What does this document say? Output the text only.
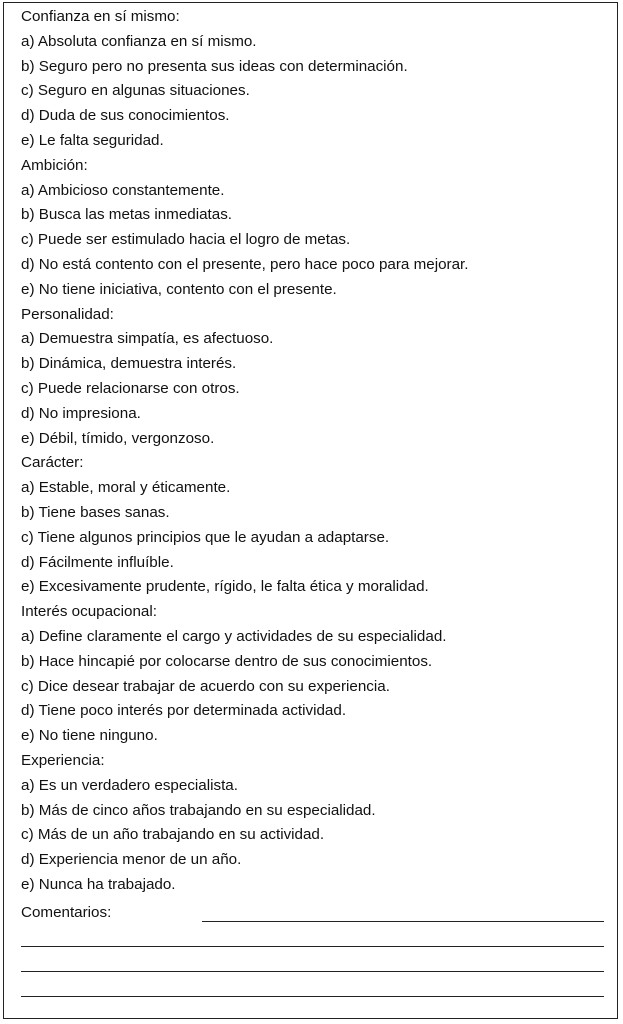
Confianza en sí mismo:
a) Absoluta confianza en sí mismo.
b) Seguro pero no presenta sus ideas con determinación.
c) Seguro en algunas situaciones.
d) Duda de sus conocimientos.
e) Le falta seguridad.
Ambición:
a) Ambicioso constantemente.
b) Busca las metas inmediatas.
c) Puede ser estimulado hacia el logro de metas.
d) No está contento con el presente, pero hace poco para mejorar.
e) No tiene iniciativa, contento con el presente.
Personalidad:
a) Demuestra simpatía, es afectuoso.
b) Dinámica, demuestra interés.
c) Puede relacionarse con otros.
d) No impresiona.
e) Débil, tímido, vergonzoso.
Carácter:
a) Estable, moral y éticamente.
b) Tiene bases sanas.
c) Tiene algunos principios que le ayudan a adaptarse.
d) Fácilmente influíble.
e) Excesivamente prudente, rígido, le falta ética y moralidad.
Interés ocupacional:
a) Define claramente el cargo y actividades de su especialidad.
b) Hace hincapié por colocarse dentro de sus conocimientos.
c) Dice desear trabajar de acuerdo con su experiencia.
d) Tiene poco interés por determinada actividad.
e) No tiene ninguno.
Experiencia:
a) Es un verdadero especialista.
b) Más de cinco años trabajando en su especialidad.
c) Más de un año trabajando en su actividad.
d) Experiencia menor de un año.
e) Nunca ha trabajado.
Comentarios:
